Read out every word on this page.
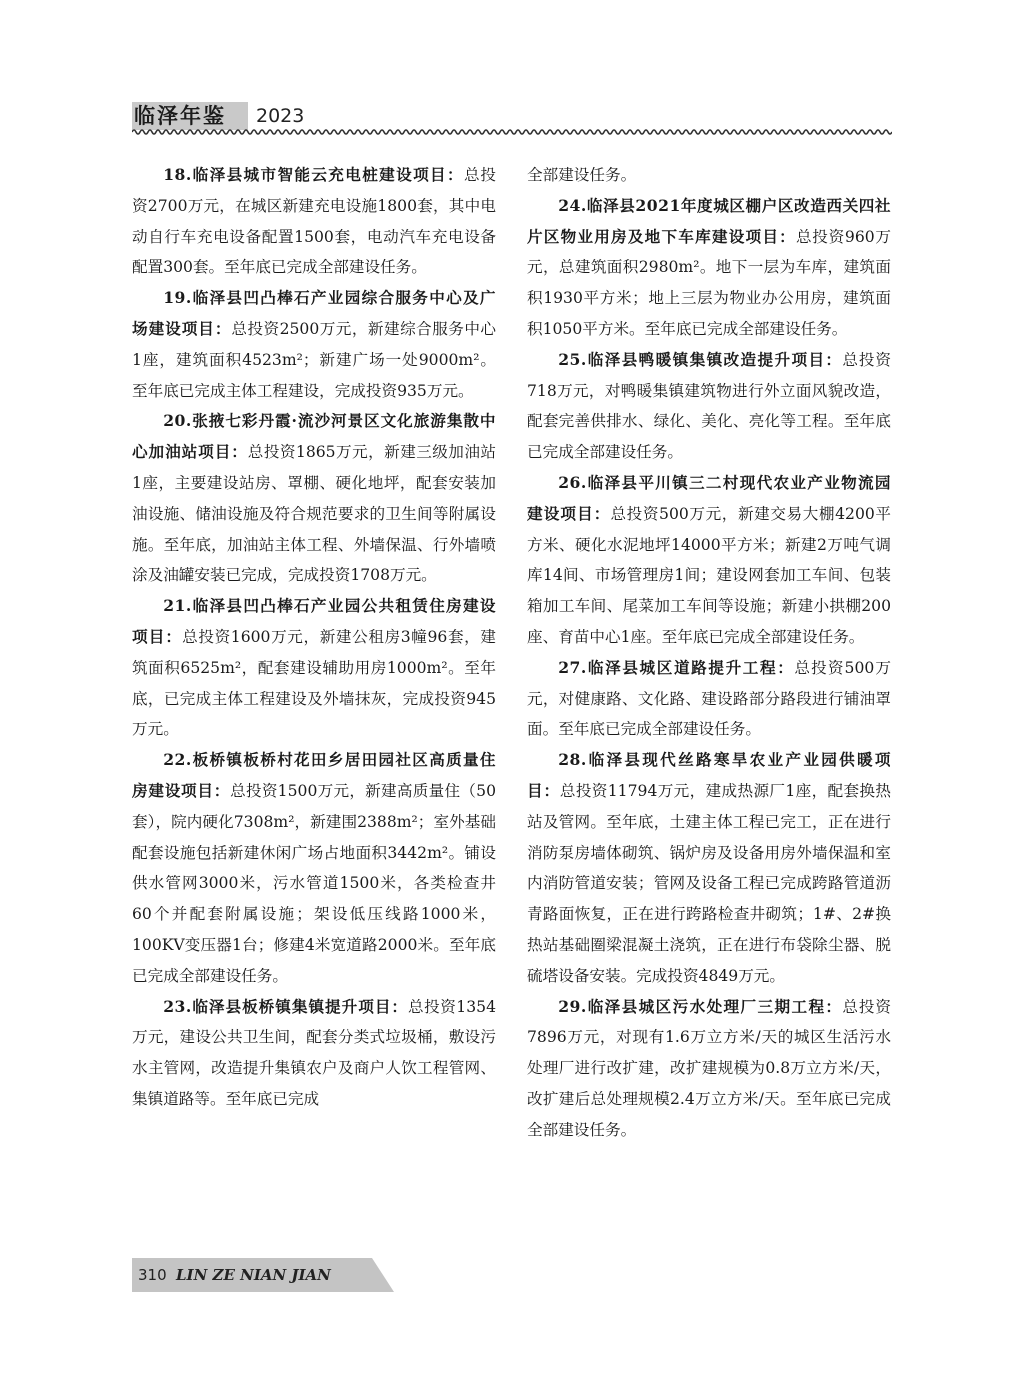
临泽年鉴 2023

18.临泽县城市智能云充电桩建设项目：总投资2700万元，在城区新建充电设施1800套，其中电动自行车充电设备配置1500套，电动汽车充电设备配置300套。至年底已完成全部建设任务。

19.临泽县凹凸棒石产业园综合服务中心及广场建设项目：总投资2500万元，新建综合服务中心1座，建筑面积4523m²；新建广场一处9000m²。至年底已完成主体工程建设，完成投资935万元。

20.张掖七彩丹霞·流沙河景区文化旅游集散中心加油站项目：总投资1865万元，新建三级加油站1座，主要建设站房、罩棚、硬化地坪，配套安装加油设施、储油设施及符合规范要求的卫生间等附属设施。至年底，加油站主体工程、外墙保温、行外墙喷涂及油罐安装已完成，完成投资1708万元。

21.临泽县凹凸棒石产业园公共租赁住房建设项目：总投资1600万元，新建公租房3幢96套，建筑面积6525m²，配套建设辅助用房1000m²。至年底，已完成主体工程建设及外墙抹灰，完成投资945万元。

22.板桥镇板桥村花田乡居田园社区高质量住房建设项目：总投资1500万元，新建高质量住（50套），院内硬化7308m²，新建围2388m²；室外基础配套设施包括新建休闲广场占地面积3442m²。铺设供水管网3000米，污水管道1500米，各类检查井60个并配套附属设施；架设低压线路1000米，100KV变压器1台；修建4米宽道路2000米。至年底已完成全部建设任务。

23.临泽县板桥镇集镇提升项目：总投资1354万元，建设公共卫生间，配套分类式垃圾桶，敷设污水主管网，改造提升集镇农户及商户人饮工程管网、集镇道路等。至年底已完成

全部建设任务。

24.临泽县2021年度城区棚户区改造西关四社片区物业用房及地下车库建设项目：总投资960万元，总建筑面积2980m²。地下一层为车库，建筑面积1930平方米；地上三层为物业办公用房，建筑面积1050平方米。至年底已完成全部建设任务。

25.临泽县鸭暖镇集镇改造提升项目：总投资718万元，对鸭暖集镇建筑物进行外立面风貌改造，配套完善供排水、绿化、美化、亮化等工程。至年底已完成全部建设任务。

26.临泽县平川镇三二村现代农业产业物流园建设项目：总投资500万元，新建交易大棚4200平方米、硬化水泥地坪14000平方米；新建2万吨气调库14间、市场管理房1间；建设网套加工车间、包装箱加工车间、尾菜加工车间等设施；新建小拱棚200座、育苗中心1座。至年底已完成全部建设任务。

27.临泽县城区道路提升工程：总投资500万元，对健康路、文化路、建设路部分路段进行铺油罩面。至年底已完成全部建设任务。

28.临泽县现代丝路寒旱农业产业园供暖项目：总投资11794万元，建成热源厂1座，配套换热站及管网。至年底，土建主体工程已完工，正在进行消防泵房墙体砌筑、锅炉房及设备用房外墙保温和室内消防管道安装；管网及设备工程已完成跨路管道沥青路面恢复，正在进行跨路检查井砌筑；1#、2#换热站基础圈梁混凝土浇筑，正在进行布袋除尘器、脱硫塔设备安装。完成投资4849万元。

29.临泽县城区污水处理厂三期工程：总投资7896万元，对现有1.6万立方米/天的城区生活污水处理厂进行改扩建，改扩建规模为0.8万立方米/天，改扩建后总处理规模2.4万立方米/天。至年底已完成全部建设任务。

310 LIN ZE NIAN JIAN
